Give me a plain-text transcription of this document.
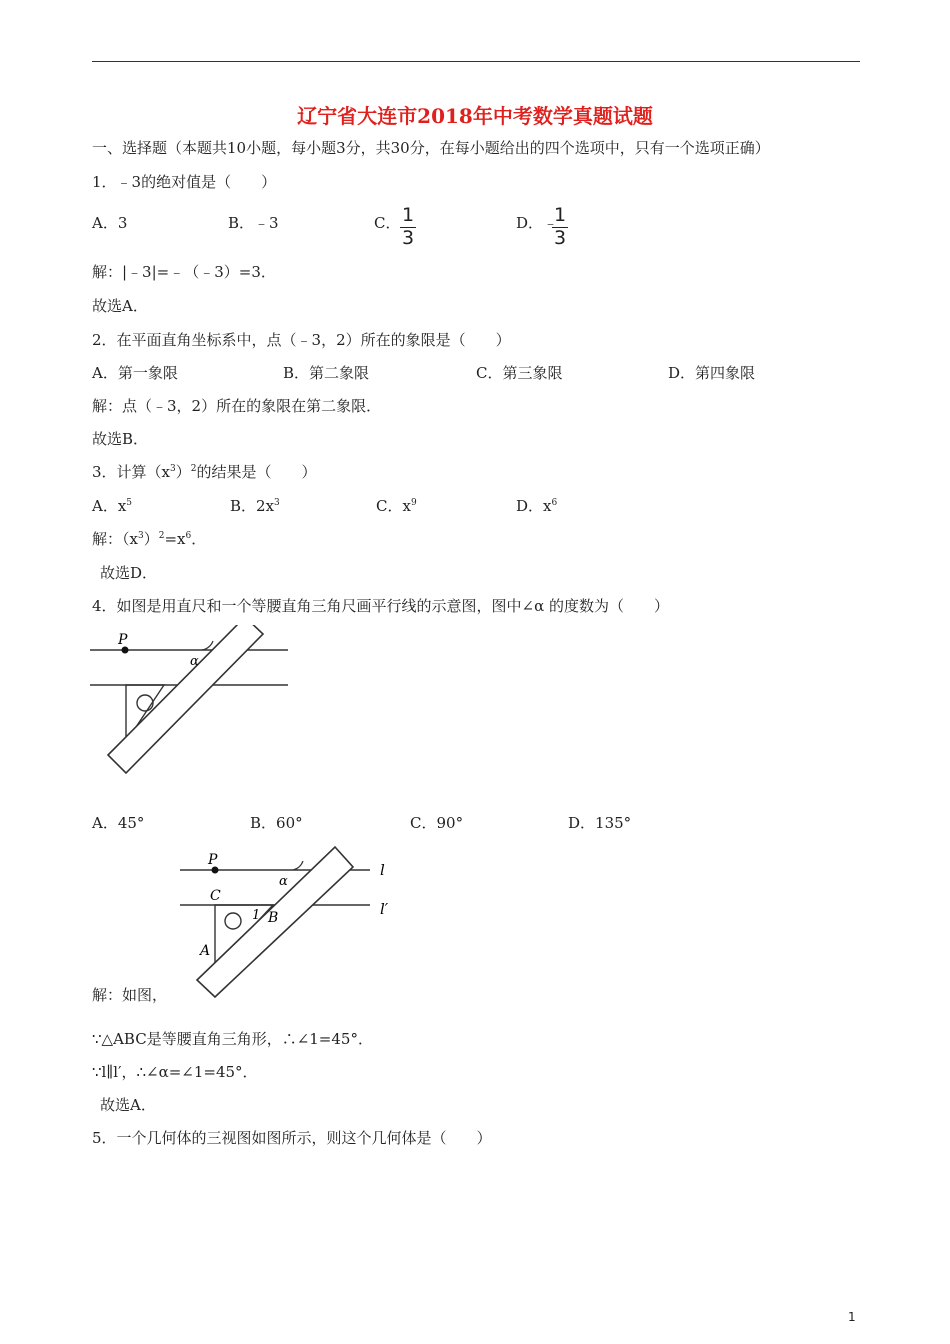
辽宁省大连市2018年中考数学真题试题
一、选择题（本题共10小题，每小题3分，共30分，在每小题给出的四个选项中，只有一个选项正确）
1．﹣3的绝对值是（　　）
A．3	B．﹣3	C． 1
3
D．﹣
1
3
解：|﹣3|=﹣（﹣3）=3．
故选A．
2．在平面直角坐标系中，点（﹣3，2）所在的象限是（　　）
A．第一象限	B．第二象限	C．第三象限	D．第四象限
解：点（﹣3，2）所在的象限在第二象限．
故选B．
3．计算$(x^3)^2$的结果是（　　）
A．$x^5$	B．$2x^3$	C．$x^9$	D．$x^6$
解：$(x^3)^2=x^6$．
故选D．
4．如图是用直尺和一个等腰直角三角尺画平行线的示意图，图中∠α 的度数为（　　）
P
α
A．45°	B．60°	C．90°	D．135°
P
α
l
l′
C
A
B
1
解：如图，
∵△ABC是等腰直角三角形，∴∠1=45°．
∵l∥l′，∴∠α=∠1=45°．
故选A．
5．一个几何体的三视图如图所示，则这个几何体是（　　）
1
